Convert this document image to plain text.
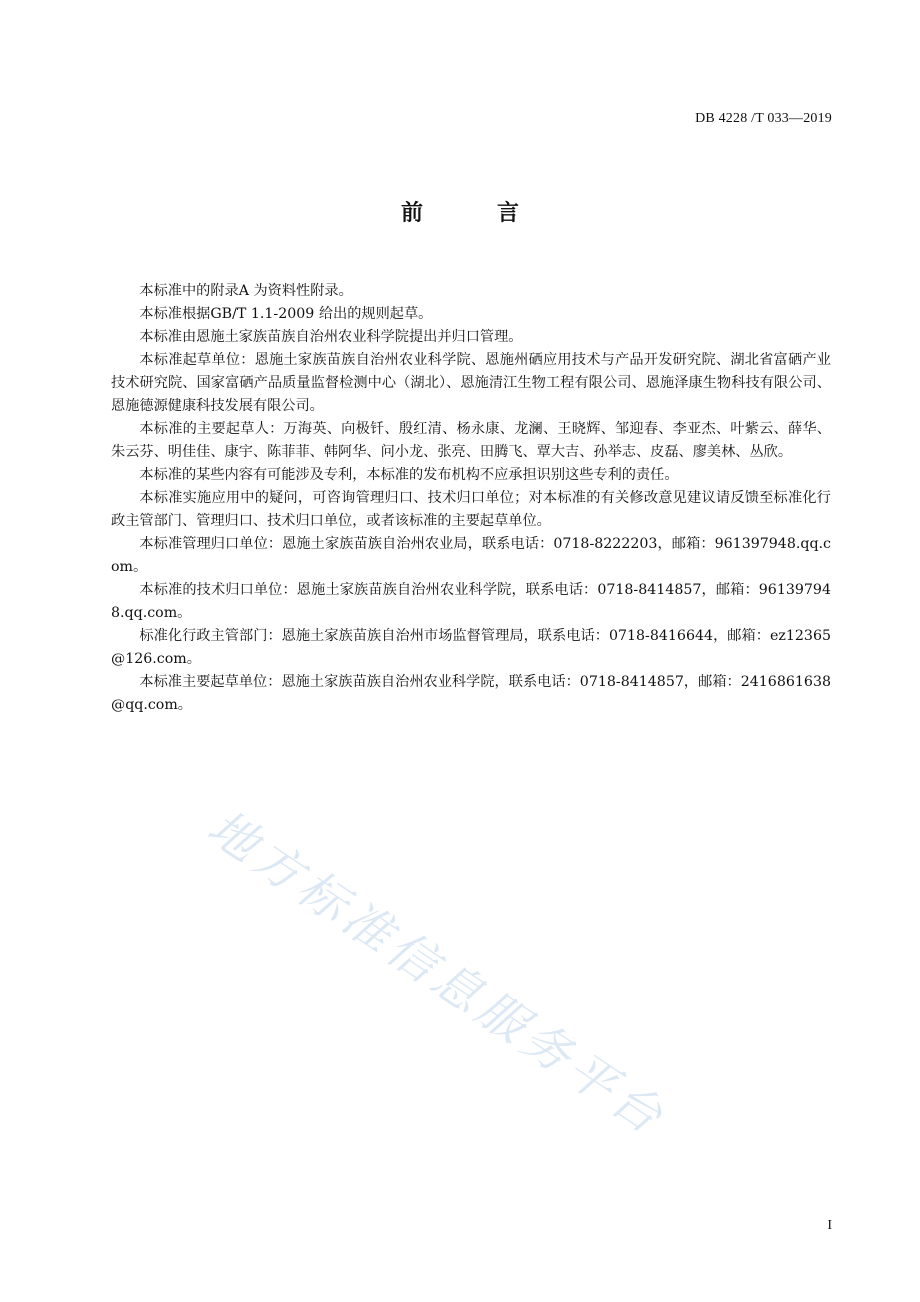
DB 4228 /T 033—2019
前　言

本标准中的附录A 为资料性附录。

本标准根据GB/T 1.1-2009 给出的规则起草。

本标准由恩施土家族苗族自治州农业科学院提出并归口管理。

本标准起草单位：恩施土家族苗族自治州农业科学院、恩施州硒应用技术与产品开发研究院、湖北省富硒产业技术研究院、国家富硒产品质量监督检测中心（湖北）、恩施清江生物工程有限公司、恩施泽康生物科技有限公司、恩施德源健康科技发展有限公司。

本标准的主要起草人：万海英、向极钎、殷红清、杨永康、龙澜、王晓辉、邹迎春、李亚杰、叶紫云、薛华、朱云芬、明佳佳、康宇、陈菲菲、韩阿华、问小龙、张亮、田腾飞、覃大吉、孙举志、皮磊、廖美林、丛欣。

本标准的某些内容有可能涉及专利，本标准的发布机构不应承担识别这些专利的责任。

本标准实施应用中的疑问，可咨询管理归口、技术归口单位；对本标准的有关修改意见建议请反馈至标准化行政主管部门、管理归口、技术归口单位，或者该标准的主要起草单位。

本标准管理归口单位：恩施土家族苗族自治州农业局，联系电话：0718-8222203，邮箱：961397948.qq.com。

本标准的技术归口单位：恩施土家族苗族自治州农业科学院，联系电话：0718-8414857，邮箱：961397948.qq.com。

标准化行政主管部门：恩施土家族苗族自治州市场监督管理局，联系电话：0718-8416644，邮箱：ez12365@126.com。

本标准主要起草单位：恩施土家族苗族自治州农业科学院，联系电话：0718-8414857，邮箱：2416861638@qq.com。

地方标准信息服务平台
I
